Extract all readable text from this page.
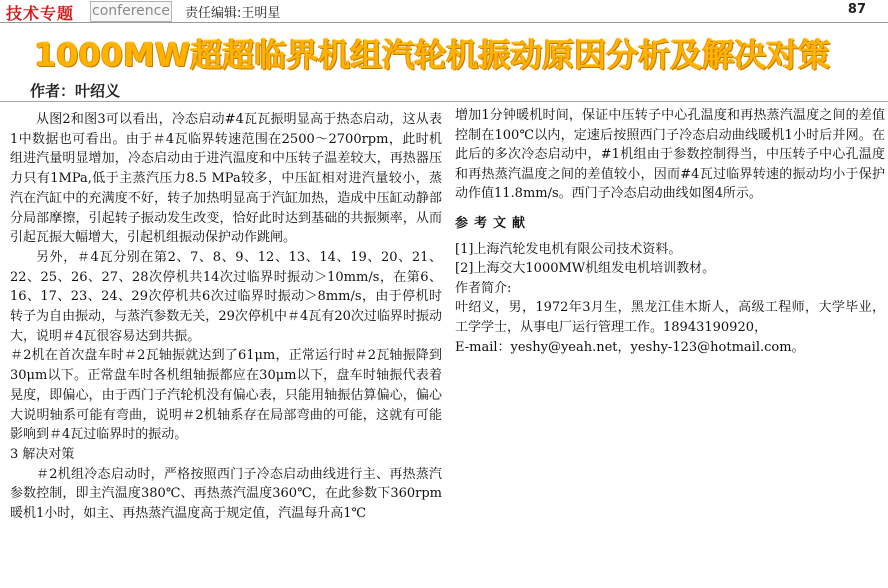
技术专题 conference 责任编辑:王明星	87
1000MW超超临界机组汽轮机振动原因分析及解决对策
作者：叶绍义

从图2和图3可以看出，冷态启动#4瓦瓦振明显高于热态启动，这从表1中数据也可看出。由于＃4瓦临界转速范围在2500～2700rpm，此时机组进汽量明显增加，冷态启动由于进汽温度和中压转子温差较大，再热器压力只有1MPa,低于主蒸汽压力8.5 MPa较多，中压缸相对进汽量较小，蒸汽在汽缸中的充满度不好，转子加热明显高于汽缸加热，造成中压缸动静部分局部摩擦，引起转子振动发生改变，恰好此时达到基础的共振频率，从而引起瓦振大幅增大，引起机组振动保护动作跳闸。

另外，＃4瓦分别在第2、7、8、9、12、13、14、19、20、21、22、25、26、27、28次停机共14次过临界时振动＞10mm/s，在第6、16、17、23、24、29次停机共6次过临界时振动＞8mm/s，由于停机时转子为自由振动，与蒸汽参数无关，29次停机中＃4瓦有20次过临界时振动大，说明＃4瓦很容易达到共振。

＃2机在首次盘车时＃2瓦轴振就达到了61μm，正常运行时＃2瓦轴振降到30μm以下。正常盘车时各机组轴振都应在30μm以下，盘车时轴振代表着晃度，即偏心，由于西门子汽轮机没有偏心表，只能用轴振估算偏心，偏心大说明轴系可能有弯曲，说明＃2机轴系存在局部弯曲的可能，这就有可能影响到＃4瓦过临界时的振动。

3 解决对策

＃2机组冷态启动时，严格按照西门子冷态启动曲线进行主、再热蒸汽参数控制，即主汽温度380℃、再热蒸汽温度360℃，在此参数下360rpm暖机1小时，如主、再热蒸汽温度高于规定值，汽温每升高1℃

增加1分钟暖机时间，保证中压转子中心孔温度和再热蒸汽温度之间的差值控制在100℃以内，定速后按照西门子冷态启动曲线暖机1小时后并网。在此后的多次冷态启动中，#1机组由于参数控制得当，中压转子中心孔温度和再热蒸汽温度之间的差值较小，因而#4瓦过临界转速的振动均小于保护动作值11.8mm/s。西门子冷态启动曲线如图4所示。

参考文献

[1]上海汽轮发电机有限公司技术资料。

[2]上海交大1000MW机组发电机培训教材。

作者简介:

叶绍义，男，1972年3月生，黑龙江佳木斯人，高级工程师，大学毕业，工学学士，从事电厂运行管理工作。18943190920，

E-mail：yeshy@yeah.net，yeshy-123@hotmail.com。
